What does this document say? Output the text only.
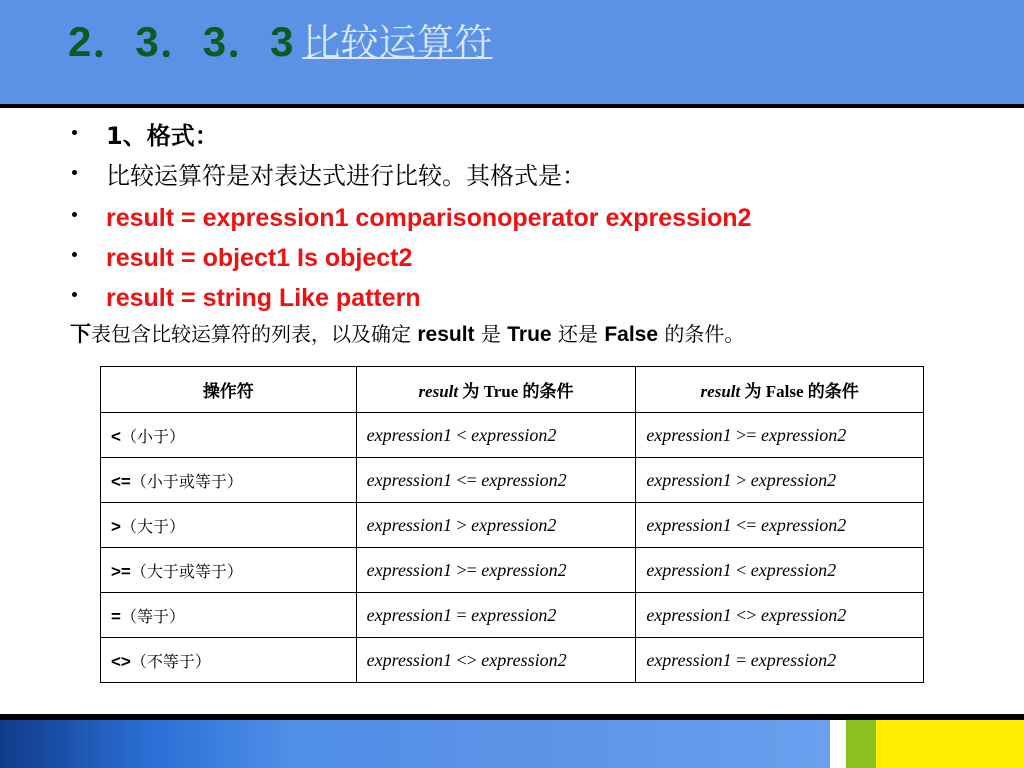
2．3．3．3 比较运算符
1、格式：
比较运算符是对表达式进行比较。其格式是：
result = expression1 comparisonoperator expression2
result = object1 Is object2
result = string Like pattern
下表包含比较运算符的列表，以及确定 result 是 True 还是 False 的条件。
操作符	result 为 True 的条件	result 为 False 的条件
<（小于）	expression1 < expression2	expression1 >= expression2
<=（小于或等于）	expression1 <= expression2	expression1 > expression2
>（大于）	expression1 > expression2	expression1 <= expression2
>=（大于或等于）	expression1 >= expression2	expression1 < expression2
=（等于）	expression1 = expression2	expression1 <> expression2
<>（不等于）	expression1 <> expression2	expression1 = expression2
